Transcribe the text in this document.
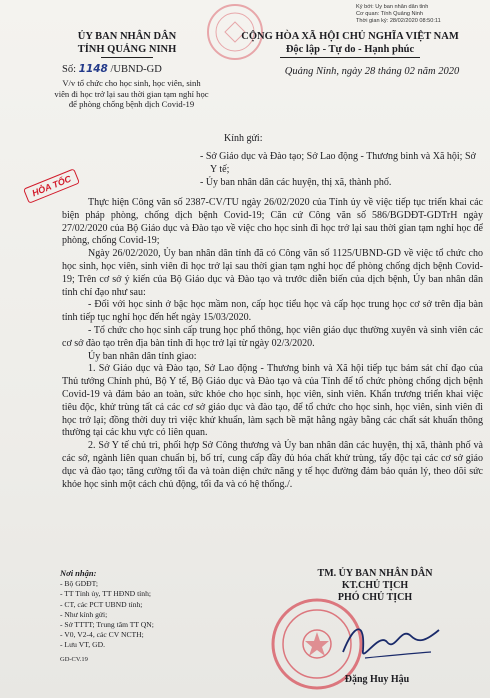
Ký bởi: Ủy ban nhân dân tỉnh
Cơ quan: Tỉnh Quảng Ninh
Thời gian ký: 28/02/2020 08:50:11
ỦY BAN NHÂN DÂN
TỈNH QUẢNG NINH
CỘNG HÒA XÃ HỘI CHỦ NGHĨA VIỆT NAM
Độc lập - Tự do - Hạnh phúc
Số: 1148 /UBND-GD
V/v tổ chức cho học sinh, học viên, sinh viên đi học trở lại sau thời gian tạm nghỉ học để phòng chống bệnh dịch Covid-19
Quảng Ninh, ngày 28 tháng 02 năm 2020
Kính gửi:
- Sở Giáo dục và Đào tạo; Sở Lao động - Thương binh và Xã hội; Sở Y tế;
- Ủy ban nhân dân các huyện, thị xã, thành phố.
HỎA TỐC

Thực hiện Công văn số 2387-CV/TU ngày 26/02/2020 của Tỉnh ủy về việc tiếp tục triển khai các biện pháp phòng, chống dịch bệnh Covid-19; Căn cứ Công văn số 586/BGDĐT-GDTrH ngày 27/02/2020 của Bộ Giáo dục và Đào tạo về việc cho học sinh đi học trở lại sau thời gian tạm nghỉ học để phòng, chống Covid-19;

Ngày 26/02/2020, Ủy ban nhân dân tỉnh đã có Công văn số 1125/UBND-GD về việc tổ chức cho học sinh, học viên, sinh viên đi học trở lại sau thời gian tạm nghỉ học để phòng chống dịch bệnh Covid-19; Trên cơ sở ý kiến của Bộ Giáo dục và Đào tạo và trước diễn biến của dịch bệnh, Ủy ban nhân dân tỉnh chỉ đạo như sau:

- Đối với học sinh ở bậc học mầm non, cấp học tiểu học và cấp học trung học cơ sở trên địa bàn tỉnh tiếp tục nghỉ học đến hết ngày 15/03/2020.

- Tổ chức cho học sinh cấp trung học phổ thông, học viên giáo dục thường xuyên và sinh viên các cơ sở đào tạo trên địa bàn tỉnh đi học trở lại từ ngày 02/3/2020.

Ủy ban nhân dân tỉnh giao:

1. Sở Giáo dục và Đào tạo, Sở Lao động - Thương binh và Xã hội tiếp tục bám sát chỉ đạo của Thủ tướng Chính phủ, Bộ Y tế, Bộ Giáo dục và Đào tạo và của Tỉnh để tổ chức phòng chống dịch bệnh Covid-19 và đảm bảo an toàn, sức khỏe cho học sinh, học viên, sinh viên. Khẩn trương triển khai việc tiêu độc, khử trùng tất cả các cơ sở giáo dục và đào tạo, để tổ chức cho học sinh, học viên, sinh viên đi học trở lại; đồng thời duy trì việc khử khuẩn, làm sạch bề mặt hằng ngày bằng các chất sát khuẩn thông thường tại các khu vực có liên quan.

2. Sở Y tế chủ trì, phối hợp Sở Công thương và Ủy ban nhân dân các huyện, thị xã, thành phố và các sở, ngành liên quan chuẩn bị, bố trí, cung cấp đầy đủ hóa chất khử trùng, tẩy độc tại các cơ sở giáo dục và đào tạo; tăng cường tối đa và toàn diện chức năng y tế học đường đảm bảo quản lý, theo dõi sức khỏe học sinh một cách chủ động, tối đa và có hệ thống./.

Nơi nhận:
- Bộ GDĐT;
- TT Tỉnh ủy, TT HĐND tỉnh;
- CT, các PCT UBND tỉnh;
- Như kính gửi;
- Sở TTTT; Trung tâm TT QN;
- V0, V2-4, các CV NCTH;
- Lưu VT, GD.
GD-CV.19
TM. ỦY BAN NHÂN DÂN
KT.CHỦ TỊCH
PHÓ CHỦ TỊCH
Đặng Huy Hậu
